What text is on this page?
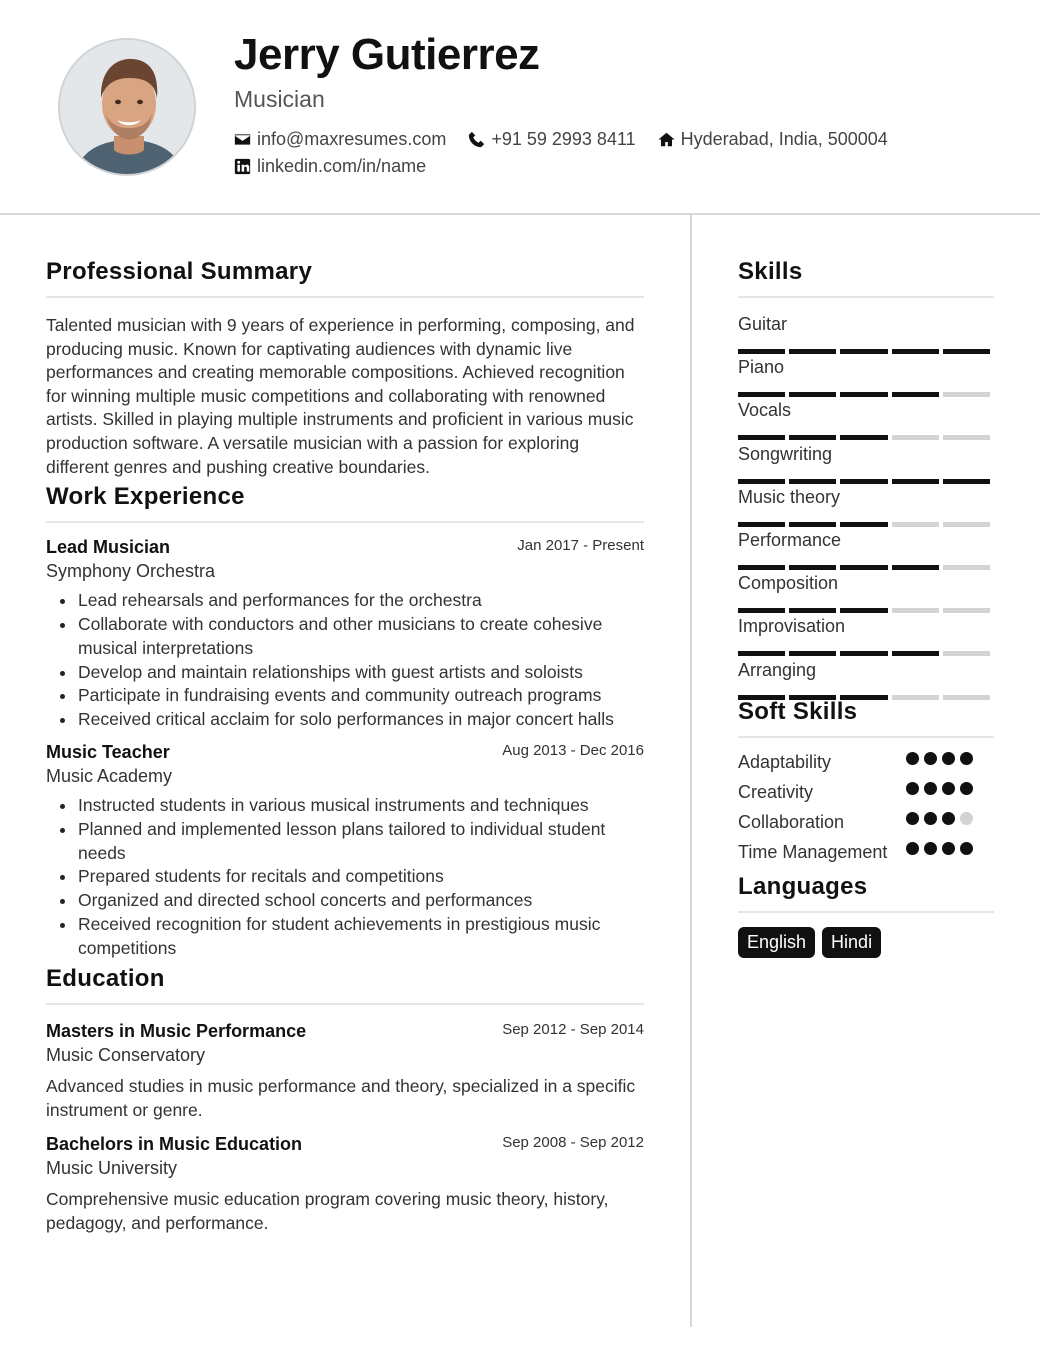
Jerry Gutierrez
Musician
info@maxresumes.com	+91 59 2993 8411	Hyderabad, India, 500004
linkedin.com/in/name
Professional Summary

Talented musician with 9 years of experience in performing, composing, and producing music. Known for captivating audiences with dynamic live performances and creating memorable compositions. Achieved recognition for winning multiple music competitions and collaborating with renowned artists. Skilled in playing multiple instruments and proficient in various music production software. A versatile musician with a passion for exploring different genres and pushing creative boundaries.

Work Experience
Lead Musician	Jan 2017 - Present
Symphony Orchestra
Lead rehearsals and performances for the orchestra
Collaborate with conductors and other musicians to create cohesive musical interpretations
Develop and maintain relationships with guest artists and soloists
Participate in fundraising events and community outreach programs
Received critical acclaim for solo performances in major concert halls
Music Teacher	Aug 2013 - Dec 2016
Music Academy
Instructed students in various musical instruments and techniques
Planned and implemented lesson plans tailored to individual student needs
Prepared students for recitals and competitions
Organized and directed school concerts and performances
Received recognition for student achievements in prestigious music competitions
Education
Masters in Music Performance	Sep 2012 - Sep 2014
Music Conservatory

Advanced studies in music performance and theory, specialized in a specific instrument or genre.

Bachelors in Music Education	Sep 2008 - Sep 2012
Music University

Comprehensive music education program covering music theory, history, pedagogy, and performance.

Skills
Guitar
Piano
Vocals
Songwriting
Music theory
Performance
Composition
Improvisation
Arranging
Soft Skills
Adaptability
Creativity
Collaboration
Time Management
Languages
English	Hindi
